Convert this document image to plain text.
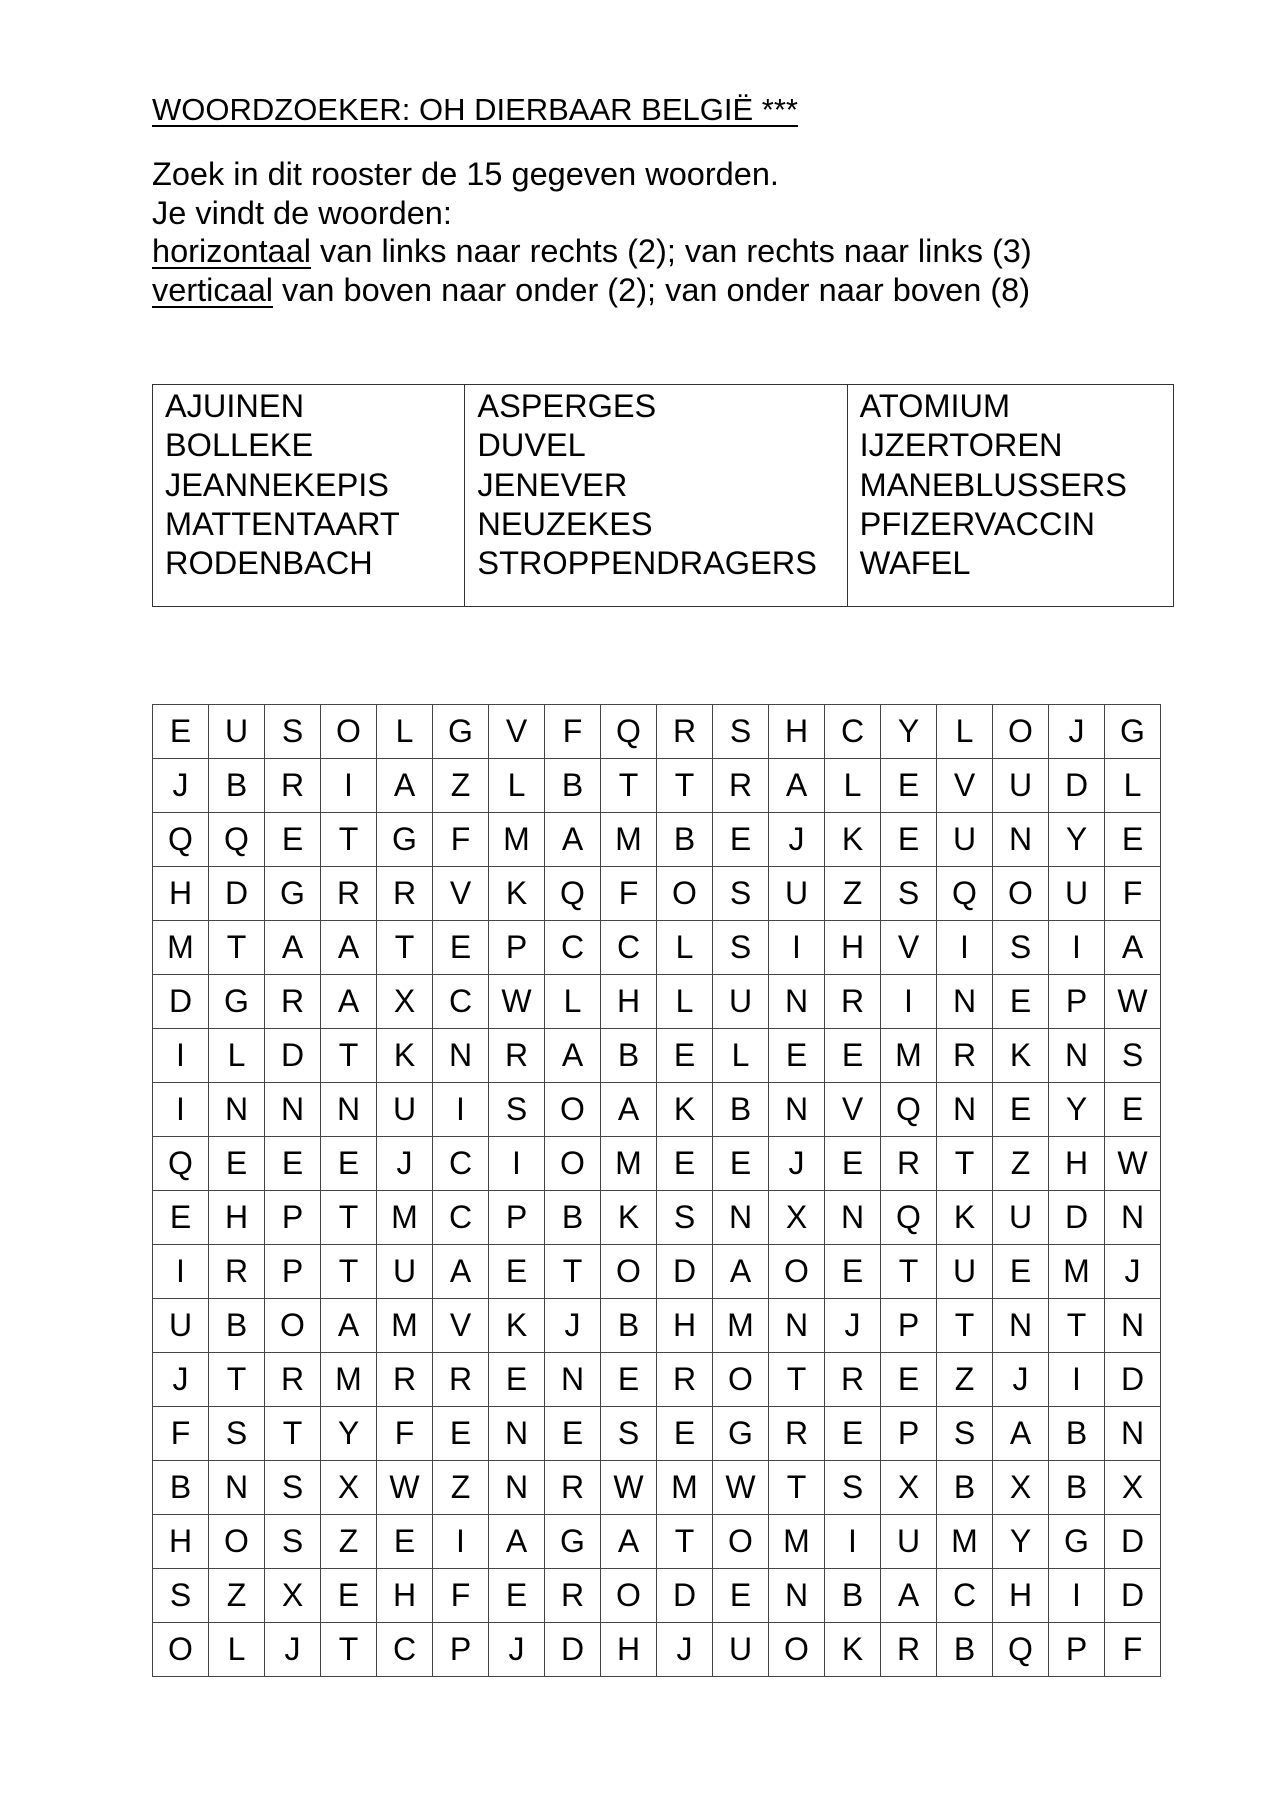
WOORDZOEKER: OH DIERBAAR BELGIË ***
Zoek in dit rooster de 15 gegeven woorden.
Je vindt de woorden:
horizontaal van links naar rechts (2); van rechts naar links (3)
verticaal van boven naar onder (2); van onder naar boven (8)
AJUINEN
BOLLEKE
JEANNEKEPIS
MATTENTAART
RODENBACH
ASPERGES
DUVEL
JENEVER
NEUZEKES
STROPPENDRAGERS
ATOMIUM
IJZERTOREN
MANEBLUSSERS
PFIZERVACCIN
WAFEL
E	U	S	O	L	G	V	F	Q	R	S	H	C	Y	L	O	J	G
J	B	R	I	A	Z	L	B	T	T	R	A	L	E	V	U	D	L
Q	Q	E	T	G	F	M	A	M	B	E	J	K	E	U	N	Y	E
H	D	G	R	R	V	K	Q	F	O	S	U	Z	S	Q	O	U	F
M	T	A	A	T	E	P	C	C	L	S	I	H	V	I	S	I	A
D	G	R	A	X	C	W	L	H	L	U	N	R	I	N	E	P	W
I	L	D	T	K	N	R	A	B	E	L	E	E	M	R	K	N	S
I	N	N	N	U	I	S	O	A	K	B	N	V	Q	N	E	Y	E
Q	E	E	E	J	C	I	O	M	E	E	J	E	R	T	Z	H	W
E	H	P	T	M	C	P	B	K	S	N	X	N	Q	K	U	D	N
I	R	P	T	U	A	E	T	O	D	A	O	E	T	U	E	M	J
U	B	O	A	M	V	K	J	B	H	M	N	J	P	T	N	T	N
J	T	R	M	R	R	E	N	E	R	O	T	R	E	Z	J	I	D
F	S	T	Y	F	E	N	E	S	E	G	R	E	P	S	A	B	N
B	N	S	X	W	Z	N	R	W	M	W	T	S	X	B	X	B	X
H	O	S	Z	E	I	A	G	A	T	O	M	I	U	M	Y	G	D
S	Z	X	E	H	F	E	R	O	D	E	N	B	A	C	H	I	D
O	L	J	T	C	P	J	D	H	J	U	O	K	R	B	Q	P	F
